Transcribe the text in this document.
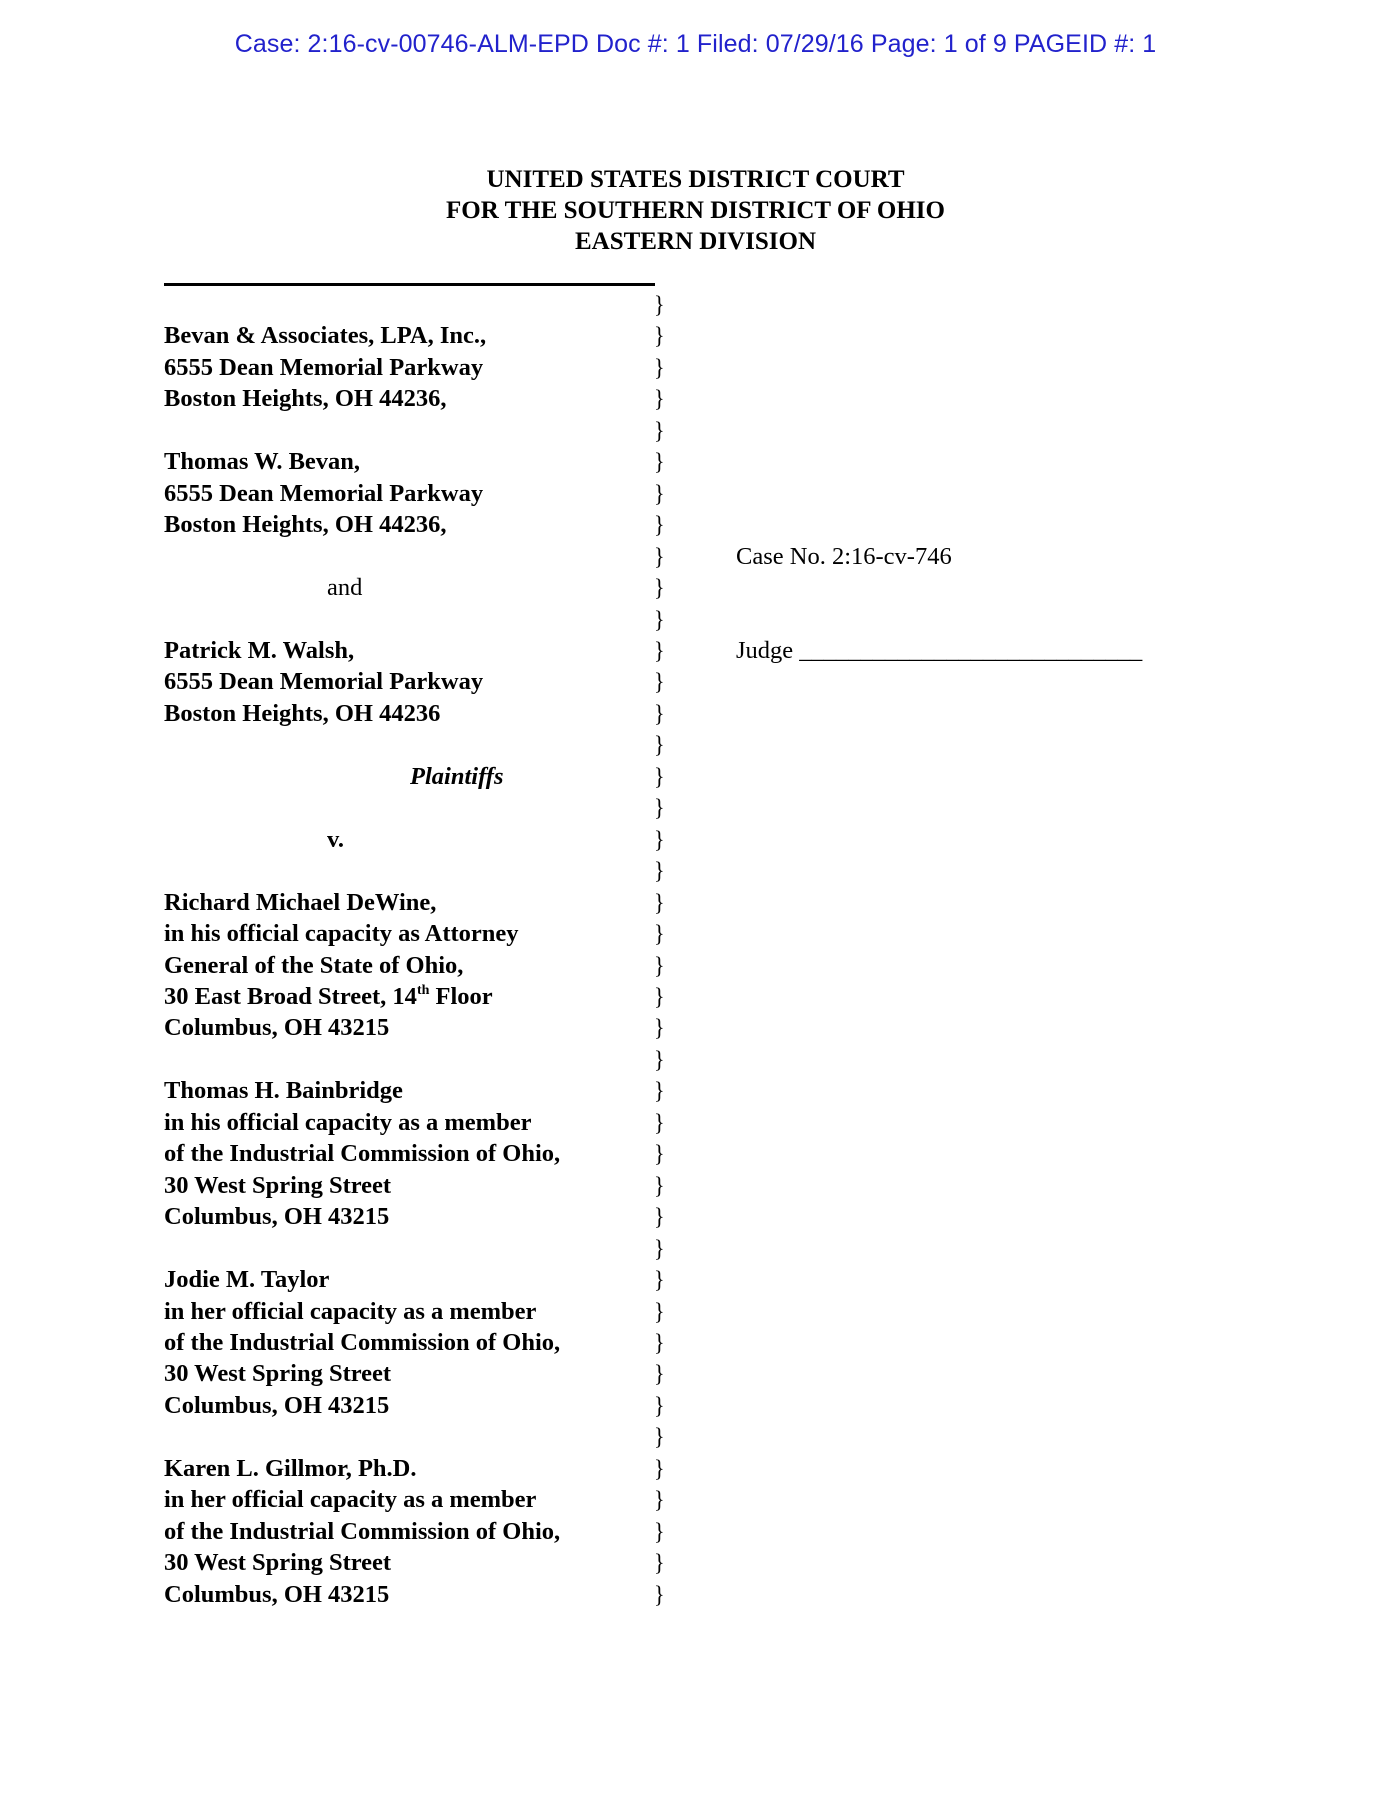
Case: 2:16-cv-00746-ALM-EPD Doc #: 1 Filed: 07/29/16 Page: 1 of 9 PAGEID #: 1
UNITED STATES DISTRICT COURT
FOR THE SOUTHERN DISTRICT OF OHIO
EASTERN DIVISION
}
Bevan & Associates, LPA, Inc.,	}
6555 Dean Memorial Parkway	}
Boston Heights, OH 44236,	}
}
Thomas W. Bevan,	}
6555 Dean Memorial Parkway	}
Boston Heights, OH 44236,	}
}	Case No. 2:16-cv-746
and	}
}
Patrick M. Walsh,	}	Judge ____________________________
6555 Dean Memorial Parkway	}
Boston Heights, OH 44236	}
}
Plaintiffs	}
}
v.	}
}
Richard Michael DeWine,	}
in his official capacity as Attorney	}
General of the State of Ohio,	}
30 East Broad Street, 14th Floor	}
Columbus, OH 43215	}
}
Thomas H. Bainbridge	}
in his official capacity as a member	}
of the Industrial Commission of Ohio,	}
30 West Spring Street	}
Columbus, OH 43215	}
}
Jodie M. Taylor	}
in her official capacity as a member	}
of the Industrial Commission of Ohio,	}
30 West Spring Street	}
Columbus, OH 43215	}
}
Karen L. Gillmor, Ph.D.	}
in her official capacity as a member	}
of the Industrial Commission of Ohio,	}
30 West Spring Street	}
Columbus, OH 43215	}
